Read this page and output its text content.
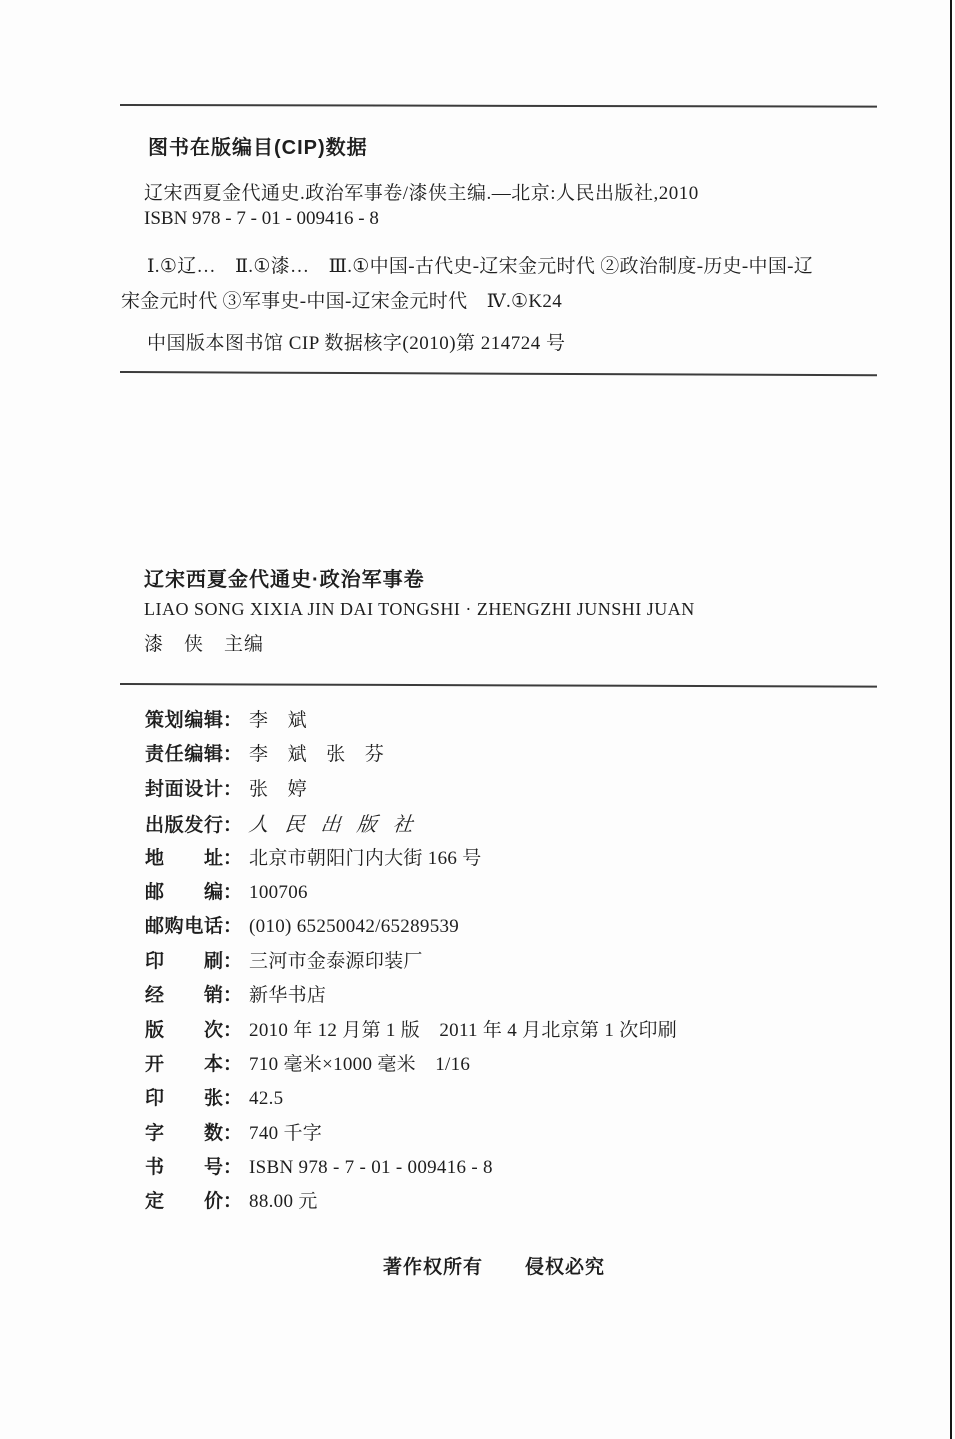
图书在版编目(CIP)数据
辽宋西夏金代通史.政治军事卷/漆侠主编.—北京:人民出版社,2010
ISBN 978 - 7 - 01 - 009416 - 8
Ⅰ.①辽…　Ⅱ.①漆…　Ⅲ.①中国-古代史-辽宋金元时代 ②政治制度-历史-中国-辽
宋金元时代 ③军事史-中国-辽宋金元时代　Ⅳ.①K24
中国版本图书馆 CIP 数据核字(2010)第 214724 号
辽宋西夏金代通史·政治军事卷
LIAO SONG XIXIA JIN DAI TONGSHI · ZHENGZHI JUNSHI JUAN
漆　侠　主编
策划编辑 ： 李　斌
责任编辑 ： 李　斌　张　芬
封面设计 ： 张　婷
出版发行 ： 人民出版社
地址 ： 北京市朝阳门内大街 166 号
邮编 ： 100706
邮购电话 ： (010) 65250042/65289539
印刷 ： 三河市金泰源印装厂
经销 ： 新华书店
版次 ： 2010 年 12 月第 1 版　2011 年 4 月北京第 1 次印刷
开本 ： 710 毫米×1000 毫米　1/16
印张 ： 42.5
字数 ： 740 千字
书号 ： ISBN 978 - 7 - 01 - 009416 - 8
定价 ： 88.00 元
著作权所有 侵权必究
